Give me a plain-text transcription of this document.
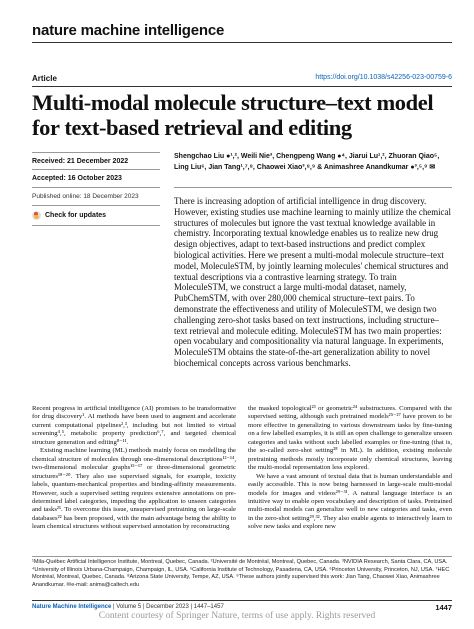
nature machine intelligence
Article	https://doi.org/10.1038/s42256-023-00759-6
Multi-modal molecule structure–text model for text-based retrieval and editing
Received: 21 December 2022
Accepted: 16 October 2023
Published online: 18 December 2023
Check for updates
Shengchao Liu ●¹,², Weili Nie³, Chengpeng Wang ●⁴, Jiarui Lu¹,², Zhuoran Qiao⁵, Ling Liu⁶, Jian Tang¹,⁷,⁸, Chaowei Xiao³,⁸,⁹ & Animashree Anandkumar ●³,⁵,⁹ ✉

There is increasing adoption of artificial intelligence in drug discovery. However, existing studies use machine learning to mainly utilize the chemical structures of molecules but ignore the vast textual knowledge available in chemistry. Incorporating textual knowledge enables us to realize new drug design objectives, adapt to text-based instructions and predict complex biological activities. Here we present a multi-modal molecule structure–text model, MoleculeSTM, by jointly learning molecules' chemical structures and textual descriptions via a contrastive learning strategy. To train MoleculeSTM, we construct a large multi-modal dataset, namely, PubChemSTM, with over 280,000 chemical structure–text pairs. To demonstrate the effectiveness and utility of MoleculeSTM, we design two challenging zero-shot tasks based on text instructions, including structure–text retrieval and molecule editing. MoleculeSTM has two main properties: open vocabulary and compositionality via natural language. In experiments, MoleculeSTM obtains the state-of-the-art generalization ability to novel biochemical concepts across various benchmarks.

Recent progress in artificial intelligence (AI) promises to be transformative for drug discovery¹. AI methods have been used to augment and accelerate current computational pipelines²,³, including but not limited to virtual screening⁴,⁵, metabolic property prediction⁶,⁷, and targeted chemical structure generation and editing⁸⁻¹¹.

Existing machine learning (ML) methods mainly focus on modelling the chemical structure of molecules through one-dimensional descriptions¹²⁻¹⁴, two-dimensional molecular graphs¹⁵⁻¹⁷ or three-dimensional geometric structures¹⁸⁻²⁰. They also use supervised signals, for example, toxicity labels, quantum-mechanical properties and binding-affinity measurements. However, such a supervised setting requires extensive annotations on pre-determined label categories, impeding the application to unseen categories and tasks²¹. To overcome this issue, unsupervised pretraining on large-scale databases²² has been proposed, with the main advantage being the ability to learn chemical structures without supervised annotation by reconstructing

the masked topological²³ or geometric²⁴ substructures. Compared with the supervised setting, although such pretrained models²⁵⁻²⁷ have proven to be more effective in generalizing to various downstream tasks by fine-tuning on a few labelled examples, it is still an open challenge to generalize unseen categories and tasks without such labelled examples or fine-tuning (that is, the so-called zero-shot setting²⁸ in ML). In addition, existing molecule pretraining methods mostly incorporate only chemical structures, leaving the multi-modal representation less explored.

We have a vast amount of textual data that is human understandable and easily accessible. This is now being harnessed in large-scale multi-modal models for images and videos²⁹⁻³¹. A natural language interface is an intuitive way to enable open vocabulary and description of tasks. Pretrained multi-modal models can generalize well to new categories and tasks, even in the zero-shot setting²⁹,³². They also enable agents to interactively learn to solve new tasks and explore new

¹Mila-Québec Artificial Intelligence Institute, Montreal, Quebec, Canada. ²Université de Montréal, Montreal, Quebec, Canada. ³NVIDIA Research, Santa Clara, CA, USA. ⁴University of Illinois Urbana-Champaign, Champaign, IL, USA. ⁵California Institute of Technology, Pasadena, CA, USA. ⁶Princeton University, Princeton, NJ, USA. ⁷HEC Montréal, Montreal, Quebec, Canada. ⁸Arizona State University, Tempe, AZ, USA. ⁹These authors jointly supervised this work: Jian Tang, Chaowei Xiao, Animashree Anandkumar. ✉e-mail: anima@caltech.edu

Nature Machine Intelligence | Volume 5 | December 2023 | 1447–1457	1447
Content courtesy of Springer Nature, terms of use apply. Rights reserved
